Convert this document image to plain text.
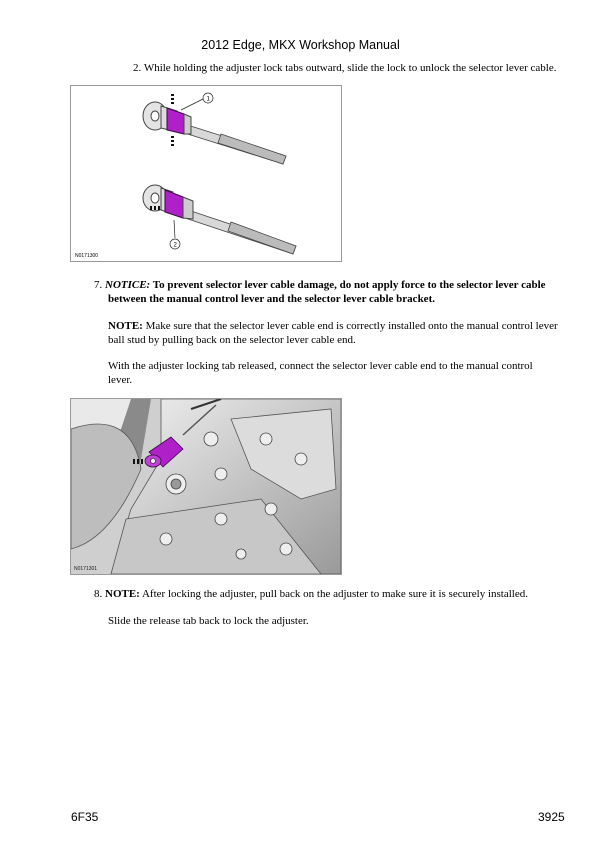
2012 Edge, MKX Workshop Manual
2. While holding the adjuster lock tabs outward, slide the lock to unlock the selector lever cable.
1
2
N0171300
7. NOTICE: To prevent selector lever cable damage, do not apply force to the selector lever cable
between the manual control lever and the selector lever cable bracket.
NOTE: Make sure that the selector lever cable end is correctly installed onto the manual control lever
ball stud by pulling back on the selector lever cable end.
With the adjuster locking tab released, connect the selector lever cable end to the manual control
lever.
N0171301
8. NOTE: After locking the adjuster, pull back on the adjuster to make sure it is securely installed.
Slide the release tab back to lock the adjuster.
6F35	3925
